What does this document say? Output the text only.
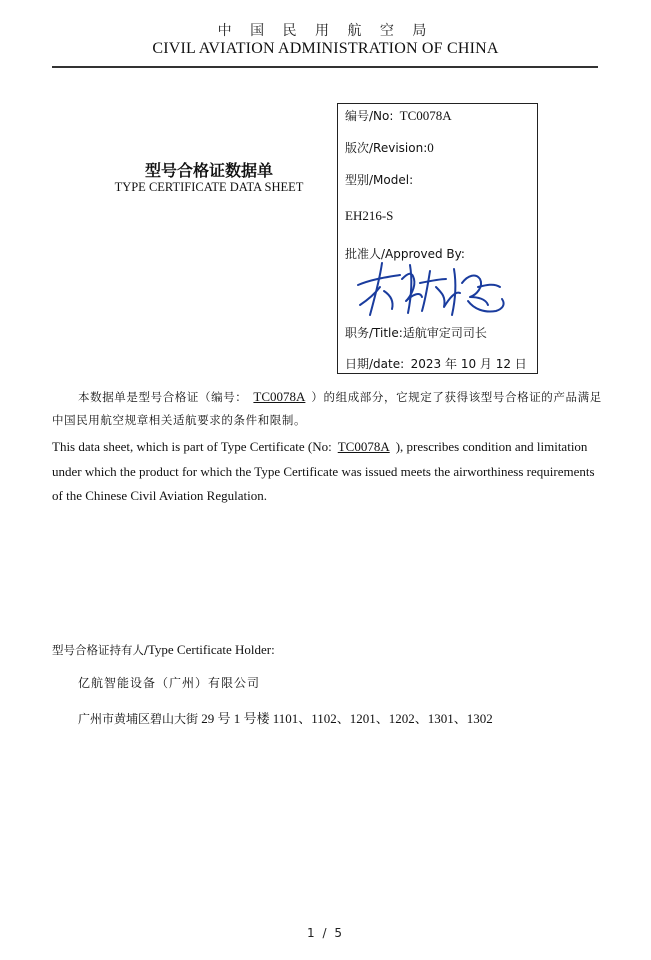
中 国 民 用 航 空 局
CIVIL AVIATION ADMINISTRATION OF CHINA
型号合格证数据单
TYPE CERTIFICATE DATA SHEET
编号/No: TC0078A
版次/Revision:0
型别/Model:
EH216-S
批准人/Approved By:
职务/Title:适航审定司司长
日期/date: 2023 年 10 月 12 日
本数据单是型号合格证（编号： TC0078A ）的组成部分，它规定了获得该型号合格证的产品满足中国民用航空规章相关适航要求的条件和限制。
This data sheet, which is part of Type Certificate (No: TC0078A ), prescribes condition and limitation under which the product for which the Type Certificate was issued meets the airworthiness requirements of the Chinese Civil Aviation Regulation.
型号合格证持有人/Type Certificate Holder:
亿航智能设备（广州）有限公司
广州市黄埔区碧山大街 29 号 1 号楼 1101、1102、1201、1202、1301、1302
1 / 5
